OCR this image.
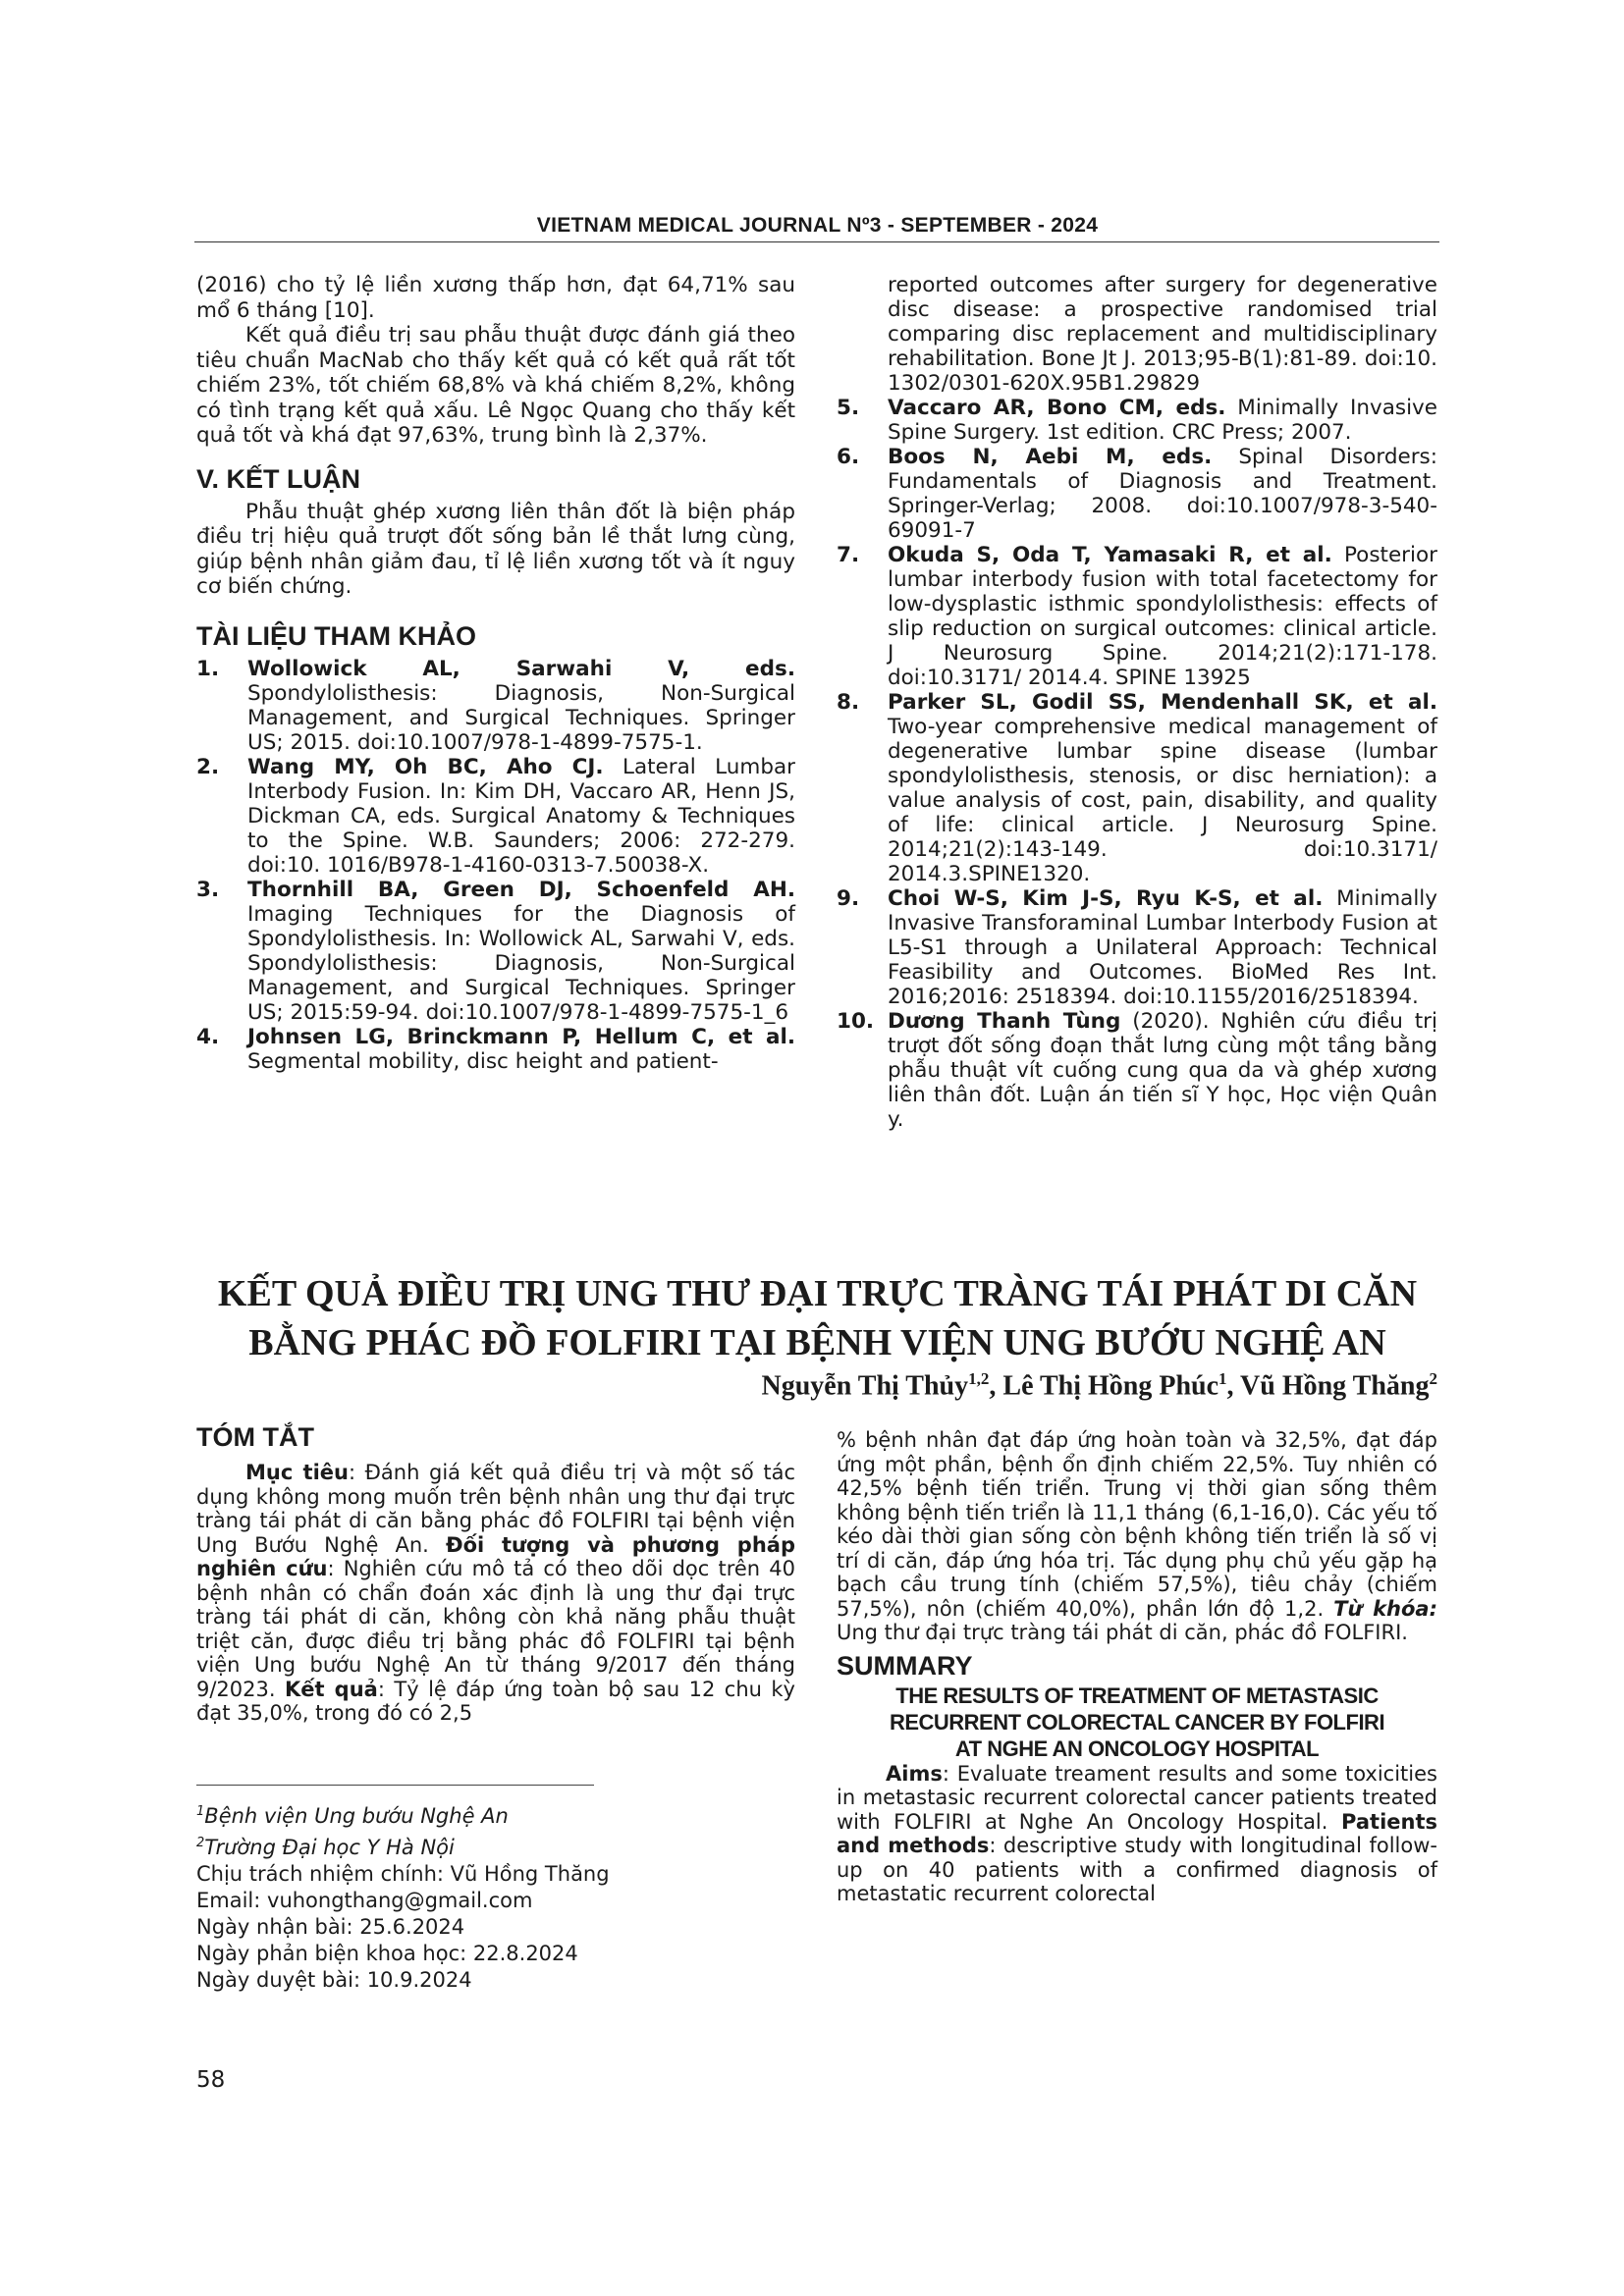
VIETNAM MEDICAL JOURNAL Nº3 - SEPTEMBER - 2024

(2016) cho tỷ lệ liền xương thấp hơn, đạt 64,71% sau mổ 6 tháng [10].

Kết quả điều trị sau phẫu thuật được đánh giá theo tiêu chuẩn MacNab cho thấy kết quả có kết quả rất tốt chiếm 23%, tốt chiếm 68,8% và khá chiếm 8,2%, không có tình trạng kết quả xấu. Lê Ngọc Quang cho thấy kết quả tốt và khá đạt 97,63%, trung bình là 2,37%.

V. KẾT LUẬN

Phẫu thuật ghép xương liên thân đốt là biện pháp điều trị hiệu quả trượt đốt sống bản lề thắt lưng cùng, giúp bệnh nhân giảm đau, tỉ lệ liền xương tốt và ít nguy cơ biến chứng.

TÀI LIỆU THAM KHẢO

1.	Wollowick AL, Sarwahi V, eds. Spondylolisthesis: Diagnosis, Non-Surgical Management, and Surgical Techniques. Springer US; 2015. doi:10.1007/978-1-4899-7575-1.
2.	Wang MY, Oh BC, Aho CJ. Lateral Lumbar Interbody Fusion. In: Kim DH, Vaccaro AR, Henn JS, Dickman CA, eds. Surgical Anatomy & Techniques to the Spine. W.B. Saunders; 2006: 272-279. doi:10. 1016/B978-1-4160-0313-7.50038-X.
3.	Thornhill BA, Green DJ, Schoenfeld AH. Imaging Techniques for the Diagnosis of Spondylolisthesis. In: Wollowick AL, Sarwahi V, eds. Spondylolisthesis: Diagnosis, Non-Surgical Management, and Surgical Techniques. Springer US; 2015:59-94. doi:10.1007/978-1-4899-7575-1_6
4.	Johnsen LG, Brinckmann P, Hellum C, et al. Segmental mobility, disc height and patient-
reported outcomes after surgery for degenerative disc disease: a prospective randomised trial comparing disc replacement and multidisciplinary rehabilitation. Bone Jt J. 2013;95-B(1):81-89. doi:10. 1302/0301-620X.95B1.29829
5.	Vaccaro AR, Bono CM, eds. Minimally Invasive Spine Surgery. 1st edition. CRC Press; 2007.
6.	Boos N, Aebi M, eds. Spinal Disorders: Fundamentals of Diagnosis and Treatment. Springer-Verlag; 2008. doi:10.1007/978-3-540-69091-7
7.	Okuda S, Oda T, Yamasaki R, et al. Posterior lumbar interbody fusion with total facetectomy for low-dysplastic isthmic spondylolisthesis: effects of slip reduction on surgical outcomes: clinical article. J Neurosurg Spine. 2014;21(2):171-178. doi:10.3171/ 2014.4. SPINE 13925
8.	Parker SL, Godil SS, Mendenhall SK, et al. Two-year comprehensive medical management of degenerative lumbar spine disease (lumbar spondylolisthesis, stenosis, or disc herniation): a value analysis of cost, pain, disability, and quality of life: clinical article. J Neurosurg Spine. 2014;21(2):143-149. doi:10.3171/ 2014.3.SPINE1320.
9.	Choi W-S, Kim J-S, Ryu K-S, et al. Minimally Invasive Transforaminal Lumbar Interbody Fusion at L5-S1 through a Unilateral Approach: Technical Feasibility and Outcomes. BioMed Res Int. 2016;2016: 2518394. doi:10.1155/2016/2518394.
10. Dương Thanh Tùng (2020). Nghiên cứu điều trị trượt đốt sống đoạn thắt lưng cùng một tầng bằng phẫu thuật vít cuống cung qua da và ghép xương liên thân đốt. Luận án tiến sĩ Y học, Học viện Quân y.
KẾT QUẢ ĐIỀU TRỊ UNG THƯ ĐẠI TRỰC TRÀNG TÁI PHÁT DI CĂN
BẰNG PHÁC ĐỒ FOLFIRI TẠI BỆNH VIỆN UNG BƯỚU NGHỆ AN
Nguyễn Thị Thủy$^{1,2}$, Lê Thị Hồng Phúc$^1$, Vũ Hồng Thăng$^2$

TÓM TẮT

Mục tiêu: Đánh giá kết quả điều trị và một số tác dụng không mong muốn trên bệnh nhân ung thư đại trực tràng tái phát di căn bằng phác đồ FOLFIRI tại bệnh viện Ung Bướu Nghệ An. Đối tượng và phương pháp nghiên cứu: Nghiên cứu mô tả có theo dõi dọc trên 40 bệnh nhân có chẩn đoán xác định là ung thư đại trực tràng tái phát di căn, không còn khả năng phẫu thuật triệt căn, được điều trị bằng phác đồ FOLFIRI tại bệnh viện Ung bướu Nghệ An từ tháng 9/2017 đến tháng 9/2023. Kết quả: Tỷ lệ đáp ứng toàn bộ sau 12 chu kỳ đạt 35,0%, trong đó có 2,5

% bệnh nhân đạt đáp ứng hoàn toàn và 32,5%, đạt đáp ứng một phần, bệnh ổn định chiếm 22,5%. Tuy nhiên có 42,5% bệnh tiến triển. Trung vị thời gian sống thêm không bệnh tiến triển là 11,1 tháng (6,1-16,0). Các yếu tố kéo dài thời gian sống còn bệnh không tiến triển là số vị trí di căn, đáp ứng hóa trị. Tác dụng phụ chủ yếu gặp hạ bạch cầu trung tính (chiếm 57,5%), tiêu chảy (chiếm 57,5%), nôn (chiếm 40,0%), phần lớn độ 1,2. Từ khóa: Ung thư đại trực tràng tái phát di căn, phác đồ FOLFIRI.

SUMMARY

THE RESULTS OF TREATMENT OF METASTASIC

RECURRENT COLORECTAL CANCER BY FOLFIRI

AT NGHE AN ONCOLOGY HOSPITAL

Aims: Evaluate treament results and some toxicities in metastasic recurrent colorectal cancer patients treated with FOLFIRI at Nghe An Oncology Hospital. Patients and methods: descriptive study with longitudinal follow-up on 40 patients with a confirmed diagnosis of metastatic recurrent colorectal

$^1$Bệnh viện Ung bướu Nghệ An

$^2$Trường Đại học Y Hà Nội

Chịu trách nhiệm chính: Vũ Hồng Thăng

Email: vuhongthang@gmail.com

Ngày nhận bài: 25.6.2024

Ngày phản biện khoa học: 22.8.2024

Ngày duyệt bài: 10.9.2024

58
